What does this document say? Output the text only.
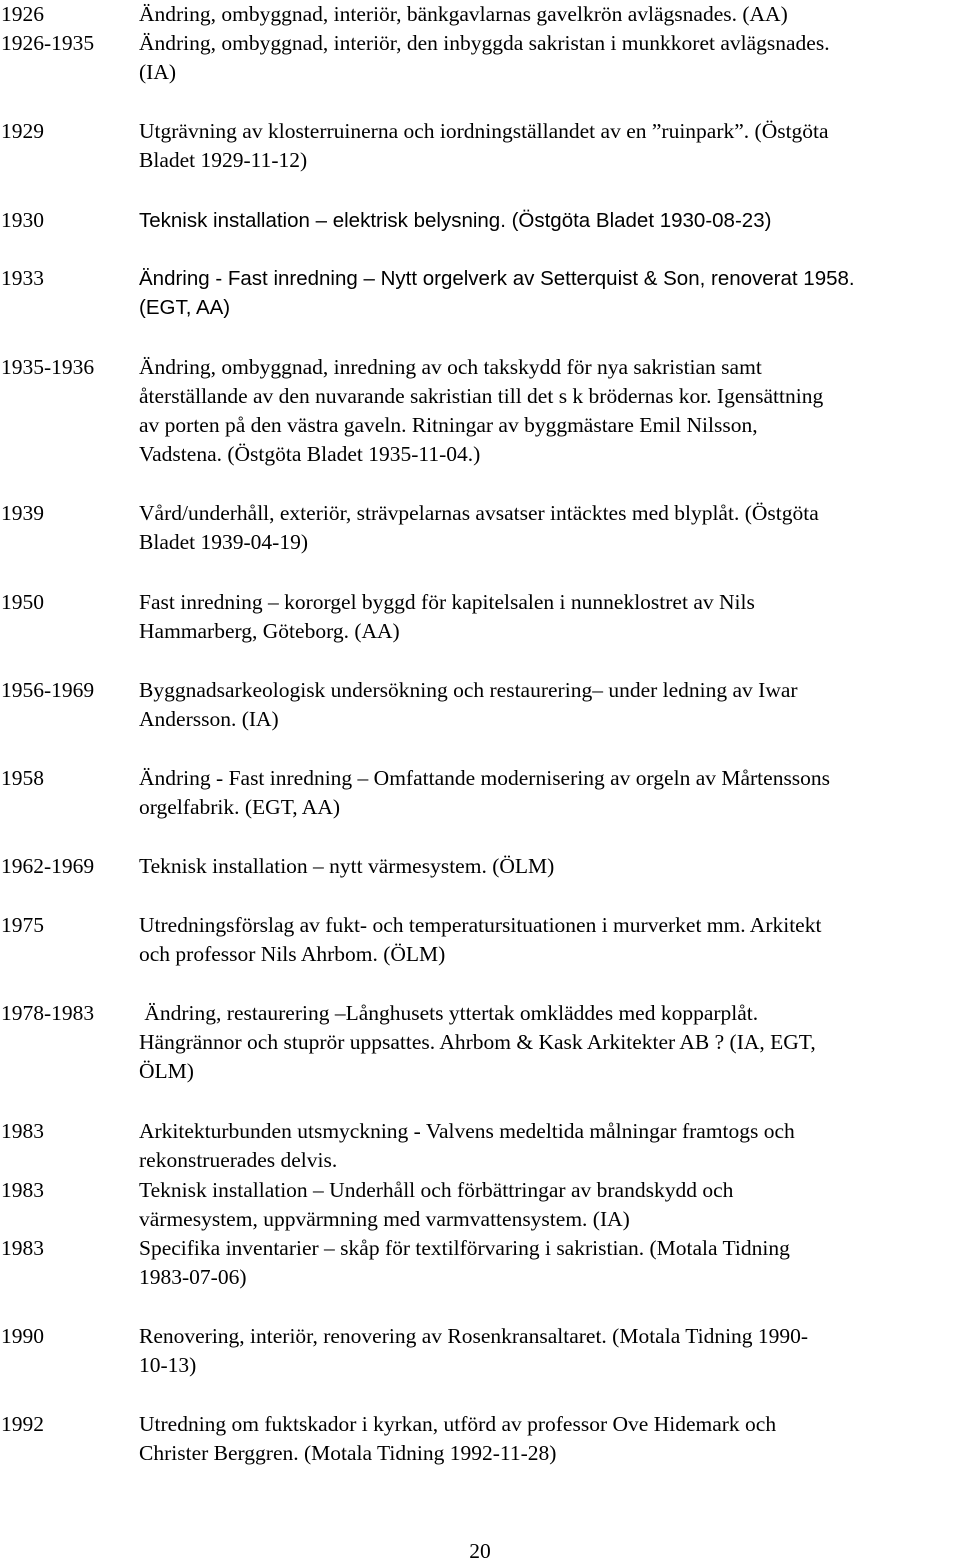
1926	Ändring, ombyggnad, interiör, bänkgavlarnas gavelkrön avlägsnades. (AA)
1926-1935 Ändring, ombyggnad, interiör, den inbyggda sakristan i munkkoret avlägsnades.
(IA)
1929	Utgrävning av klosterruinerna och iordningställandet av en ”ruinpark”. (Östgöta
Bladet 1929-11-12)
1930	Teknisk installation – elektrisk belysning. (Östgöta Bladet 1930-08-23)
1933	Ändring - Fast inredning – Nytt orgelverk av Setterquist & Son, renoverat 1958.
(EGT, AA)
1935-1936 Ändring, ombyggnad, inredning av och takskydd för nya sakristian samt
återställande av den nuvarande sakristian till det s k brödernas kor. Igensättning
av porten på den västra gaveln. Ritningar av byggmästare Emil Nilsson,
Vadstena. (Östgöta Bladet 1935-11-04.)
1939	Vård/underhåll, exteriör, strävpelarnas avsatser intäcktes med blyplåt. (Östgöta
Bladet 1939-04-19)
1950	Fast inredning – kororgel byggd för kapitelsalen i nunneklostret av Nils
Hammarberg, Göteborg. (AA)
1956-1969 Byggnadsarkeologisk undersökning och restaurering– under ledning av Iwar
Andersson. (IA)
1958	Ändring - Fast inredning – Omfattande modernisering av orgeln av Mårtenssons
orgelfabrik. (EGT, AA)
1962-1969 Teknisk installation – nytt värmesystem. (ÖLM)
1975	Utredningsförslag av fukt- och temperatursituationen i murverket mm. Arkitekt
och professor Nils Ahrbom. (ÖLM)
1978-1983 Ändring, restaurering –Långhusets yttertak omkläddes med kopparplåt.
Hängrännor och stuprör uppsattes. Ahrbom & Kask Arkitekter AB ? (IA, EGT,
ÖLM)
1983	Arkitekturbunden utsmyckning - Valvens medeltida målningar framtogs och
rekonstruerades delvis.
1983	Teknisk installation – Underhåll och förbättringar av brandskydd och
värmesystem, uppvärmning med varmvattensystem. (IA)
1983	Specifika inventarier – skåp för textilförvaring i sakristian. (Motala Tidning
1983-07-06)
1990	Renovering, interiör, renovering av Rosenkransaltaret. (Motala Tidning 1990-
10-13)
1992	Utredning om fuktskador i kyrkan, utförd av professor Ove Hidemark och
Christer Berggren. (Motala Tidning 1992-11-28)
20
